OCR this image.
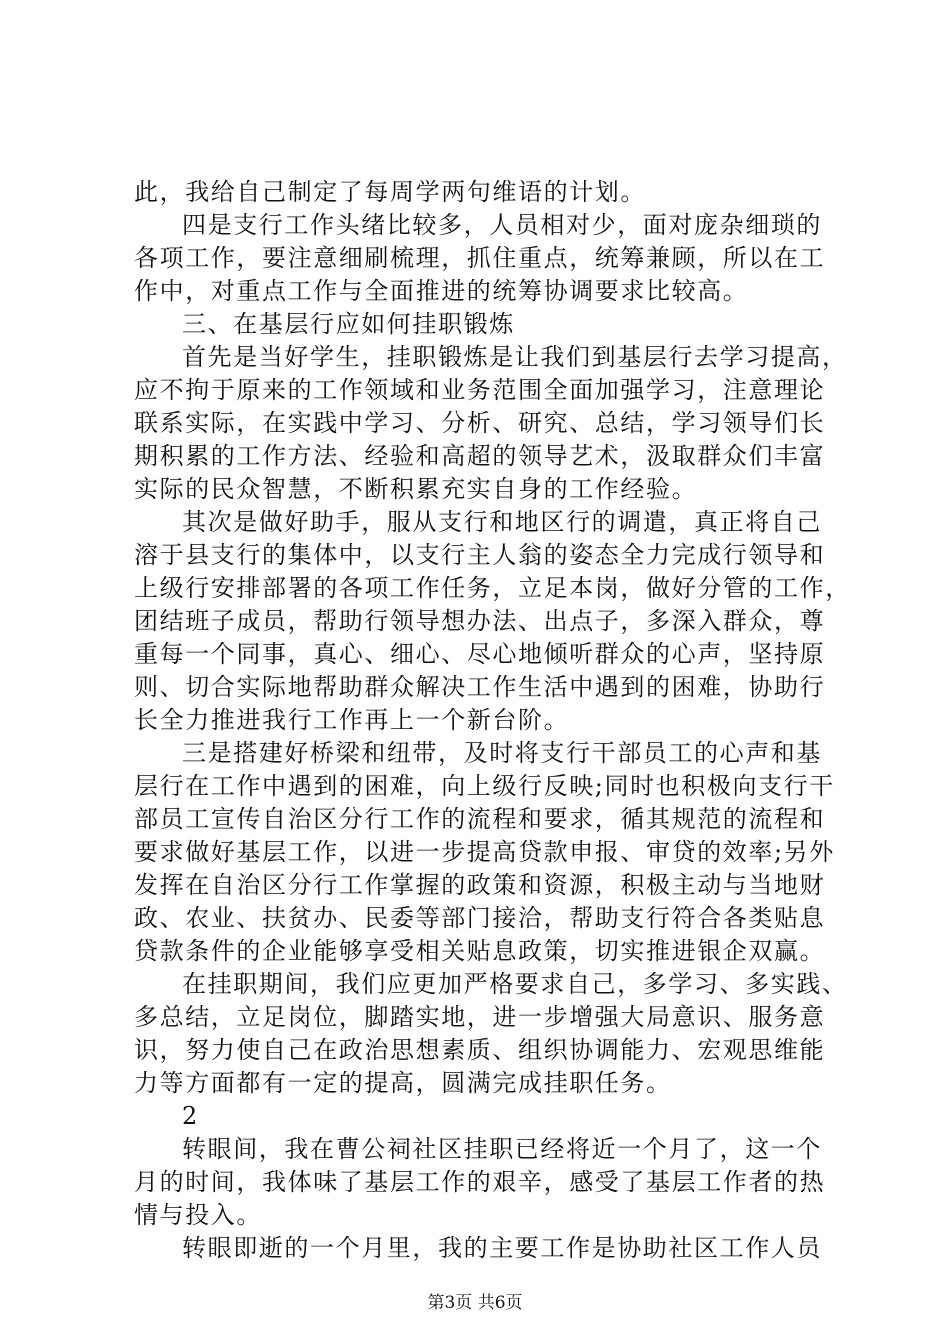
此，我给自己制定了每周学两句维语的计划。
四是支行工作头绪比较多，人员相对少，面对庞杂细琐的
各项工作，要注意细刷梳理，抓住重点，统筹兼顾，所以在工
作中，对重点工作与全面推进的统筹协调要求比较高。
三、在基层行应如何挂职锻炼
首先是当好学生，挂职锻炼是让我们到基层行去学习提高，
应不拘于原来的工作领域和业务范围全面加强学习，注意理论
联系实际，在实践中学习、分析、研究、总结，学习领导们长
期积累的工作方法、经验和高超的领导艺术，汲取群众们丰富
实际的民众智慧，不断积累充实自身的工作经验。
其次是做好助手，服从支行和地区行的调遣，真正将自己
溶于县支行的集体中，以支行主人翁的姿态全力完成行领导和
上级行安排部署的各项工作任务，立足本岗，做好分管的工作，
团结班子成员，帮助行领导想办法、出点子，多深入群众，尊
重每一个同事，真心、细心、尽心地倾听群众的心声，坚持原
则、切合实际地帮助群众解决工作生活中遇到的困难，协助行
长全力推进我行工作再上一个新台阶。
三是搭建好桥梁和纽带，及时将支行干部员工的心声和基
层行在工作中遇到的困难，向上级行反映;同时也积极向支行干
部员工宣传自治区分行工作的流程和要求，循其规范的流程和
要求做好基层工作，以进一步提高贷款申报、审贷的效率;另外
发挥在自治区分行工作掌握的政策和资源，积极主动与当地财
政、农业、扶贫办、民委等部门接洽，帮助支行符合各类贴息
贷款条件的企业能够享受相关贴息政策，切实推进银企双赢。
在挂职期间，我们应更加严格要求自己，多学习、多实践、
多总结，立足岗位，脚踏实地，进一步增强大局意识、服务意
识，努力使自己在政治思想素质、组织协调能力、宏观思维能
力等方面都有一定的提高，圆满完成挂职任务。
2
转眼间，我在曹公祠社区挂职已经将近一个月了，这一个
月的时间，我体味了基层工作的艰辛，感受了基层工作者的热
情与投入。
第3页 共6页
转眼即逝的一个月里，我的主要工作是协助社区工作人员
